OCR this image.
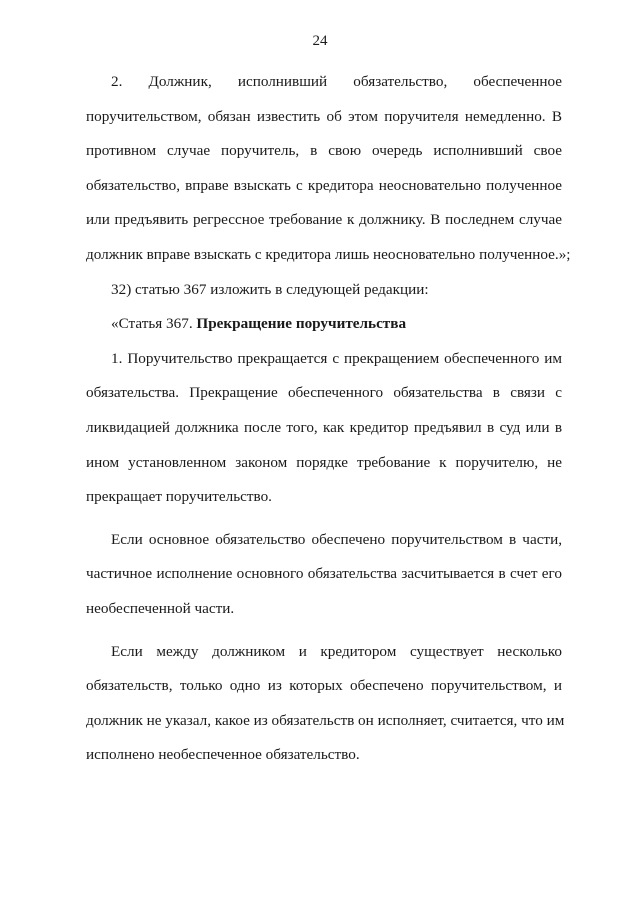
24

2. Должник, исполнивший обязательство, обеспеченное
поручительством, обязан известить об этом поручителя немедленно. В
противном случае поручитель, в свою очередь исполнивший свое
обязательство, вправе взыскать с кредитора неосновательно полученное
или предъявить регрессное требование к должнику. В последнем случае
должник вправе взыскать с кредитора лишь неосновательно полученное.»;

32) статью 367 изложить в следующей редакции:

«Статья 367. Прекращение поручительства

1. Поручительство прекращается с прекращением обеспеченного им
обязательства. Прекращение обеспеченного обязательства в связи с
ликвидацией должника после того, как кредитор предъявил в суд или в
ином установленном законом порядке требование к поручителю, не
прекращает поручительство.

Если основное обязательство обеспечено поручительством в части,
частичное исполнение основного обязательства засчитывается в счет его
необеспеченной части.

Если между должником и кредитором существует несколько
обязательств, только одно из которых обеспечено поручительством, и
должник не указал, какое из обязательств он исполняет, считается, что им
исполнено необеспеченное обязательство.
